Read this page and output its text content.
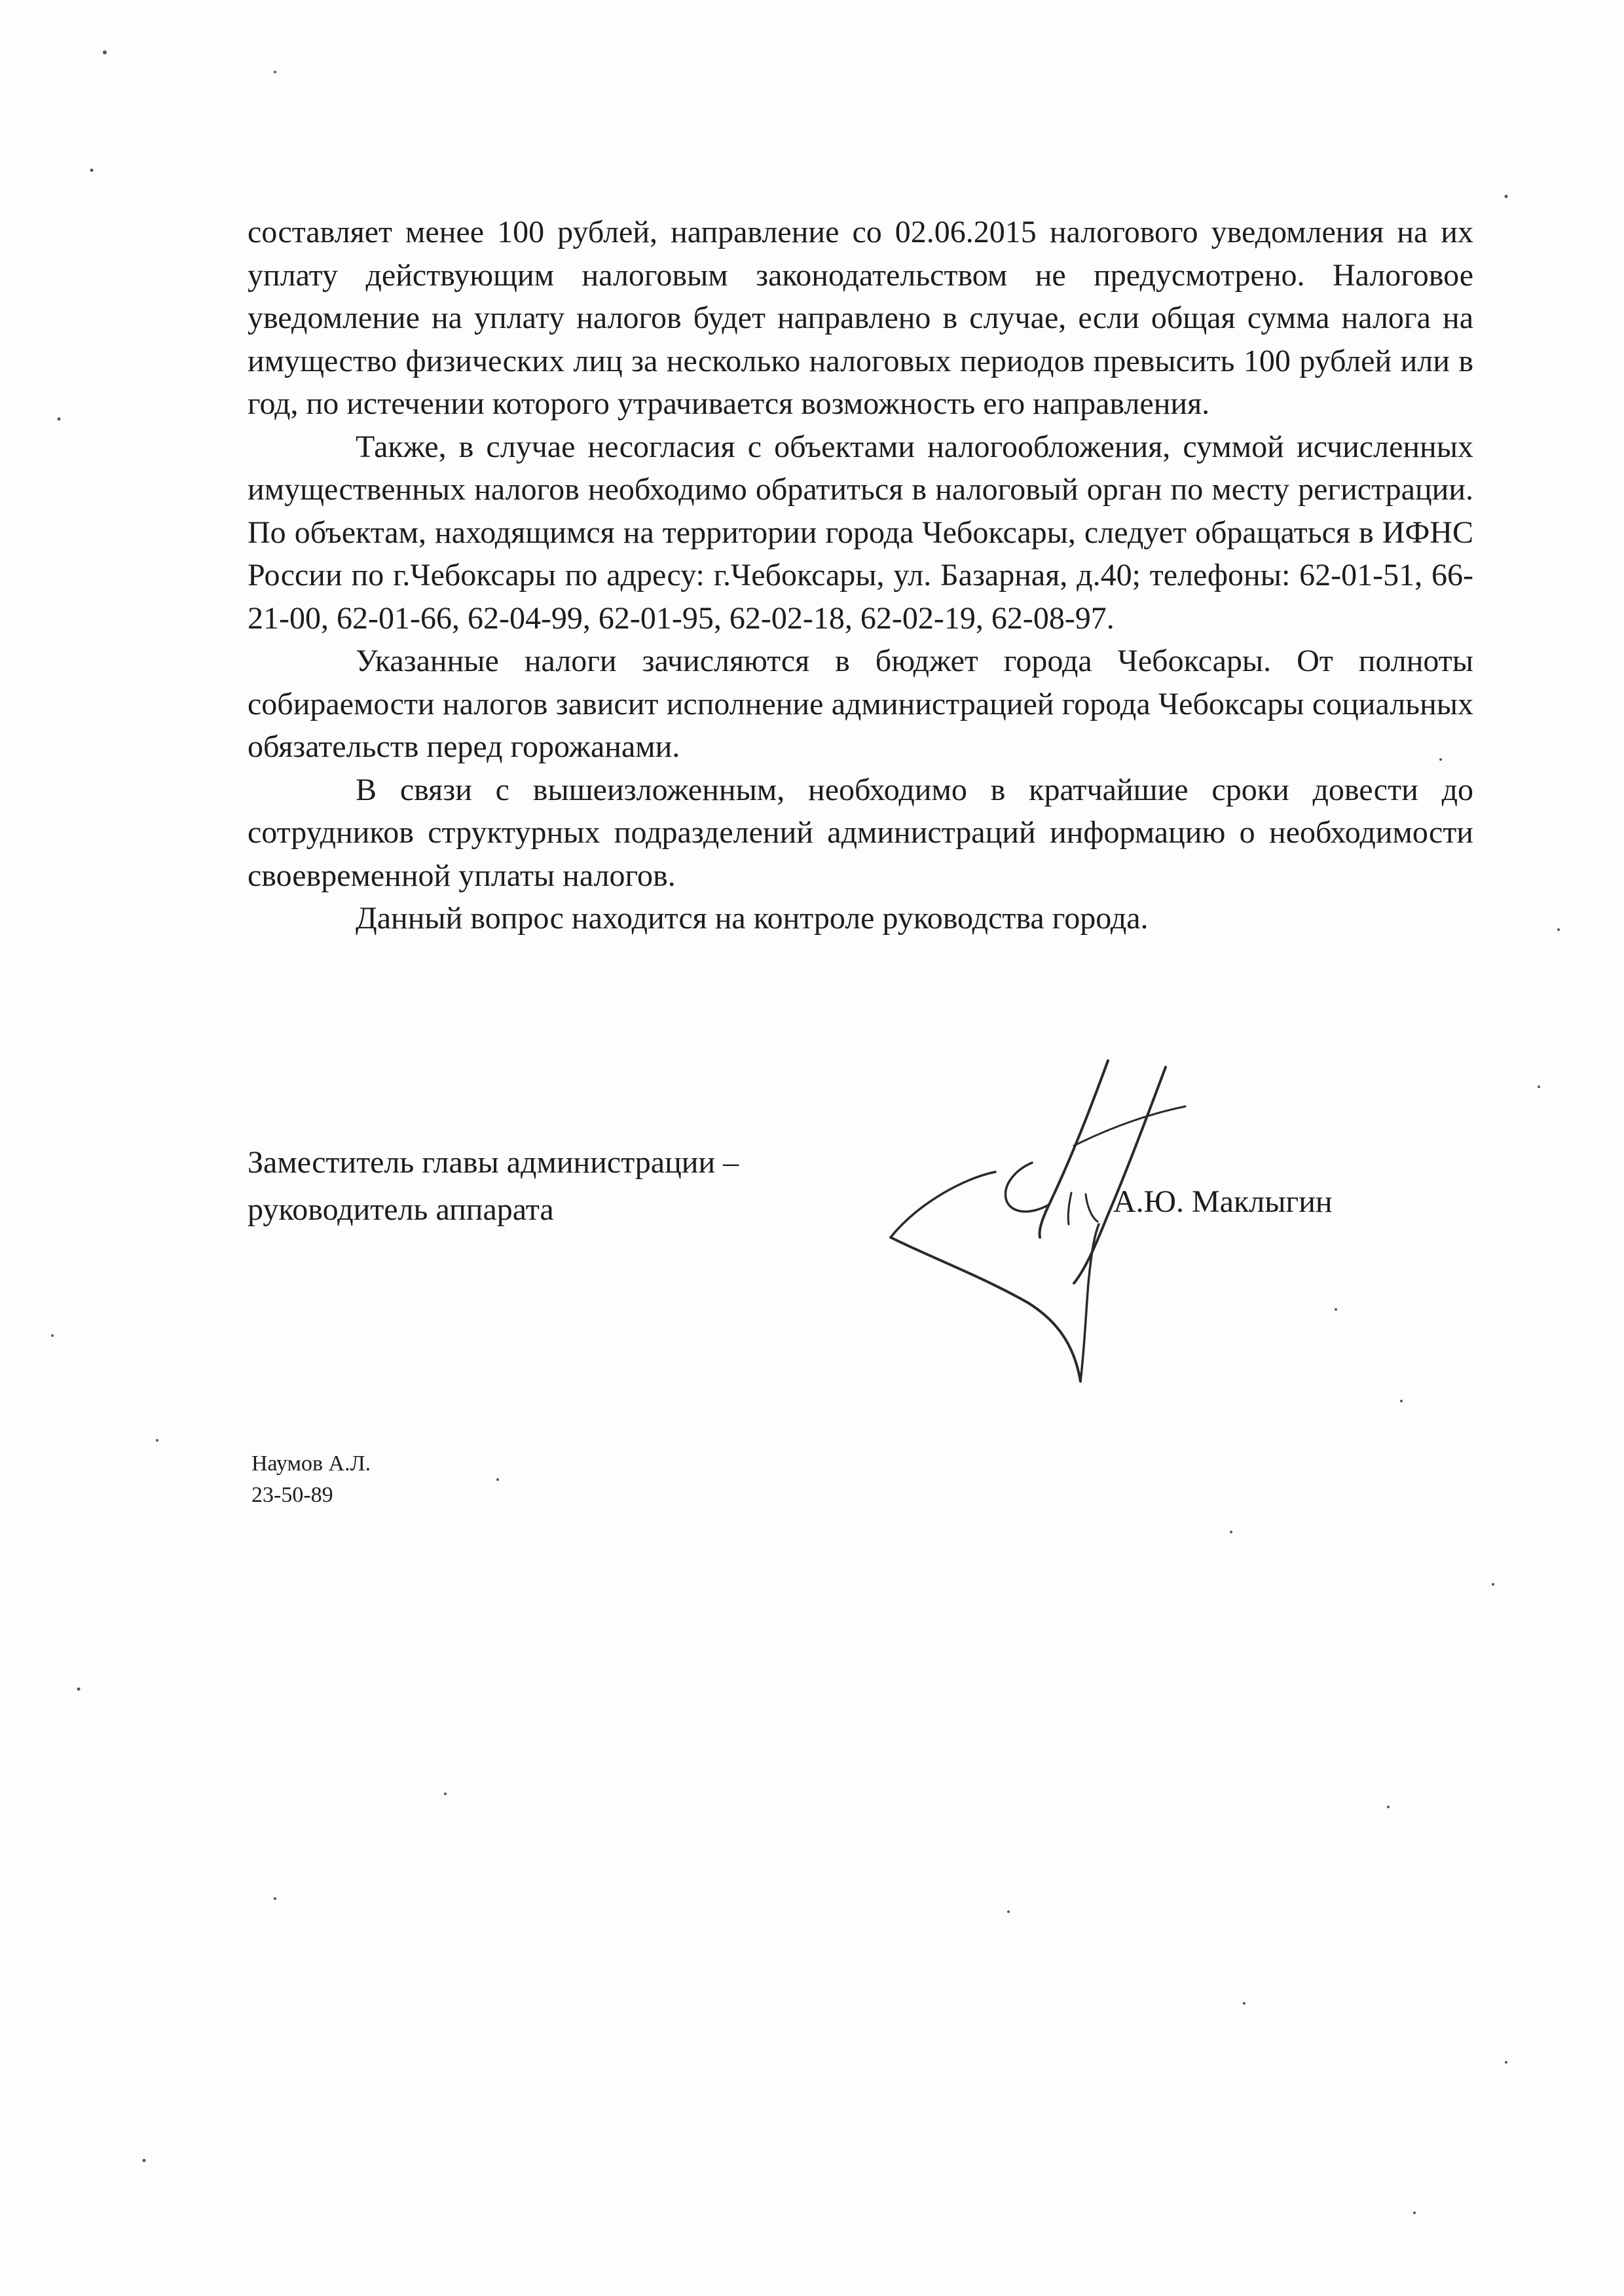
составляет менее 100 рублей, направление со 02.06.2015 налогового уведомления на их уплату действующим налоговым законодательством не предусмотрено. Налоговое уведомление на уплату налогов будет направлено в случае, если общая сумма налога на имущество физических лиц за несколько налоговых периодов превысить 100 рублей или в год, по истечении которого утрачивается возможность его направления.

Также, в случае несогласия с объектами налогообложения, суммой исчисленных имущественных налогов необходимо обратиться в налоговый орган по месту регистрации. По объектам, находящимся на территории города Чебоксары, следует обращаться в ИФНС России по г.Чебоксары по адресу: г.Чебоксары, ул. Базарная, д.40; телефоны: 62-01-51, 66-21-00, 62-01-66, 62-04-99, 62-01-95, 62-02-18, 62-02-19, 62-08-97.

Указанные налоги зачисляются в бюджет города Чебоксары. От полноты собираемости налогов зависит исполнение администрацией города Чебоксары социальных обязательств перед горожанами.

В связи с вышеизложенным, необходимо в кратчайшие сроки довести до сотрудников структурных подразделений администраций информацию о необходимости своевременной уплаты налогов.

Данный вопрос находится на контроле руководства города.

Заместитель главы администрации –
руководитель аппарата	А.Ю. Маклыгин
Наумов А.Л.
23-50-89
